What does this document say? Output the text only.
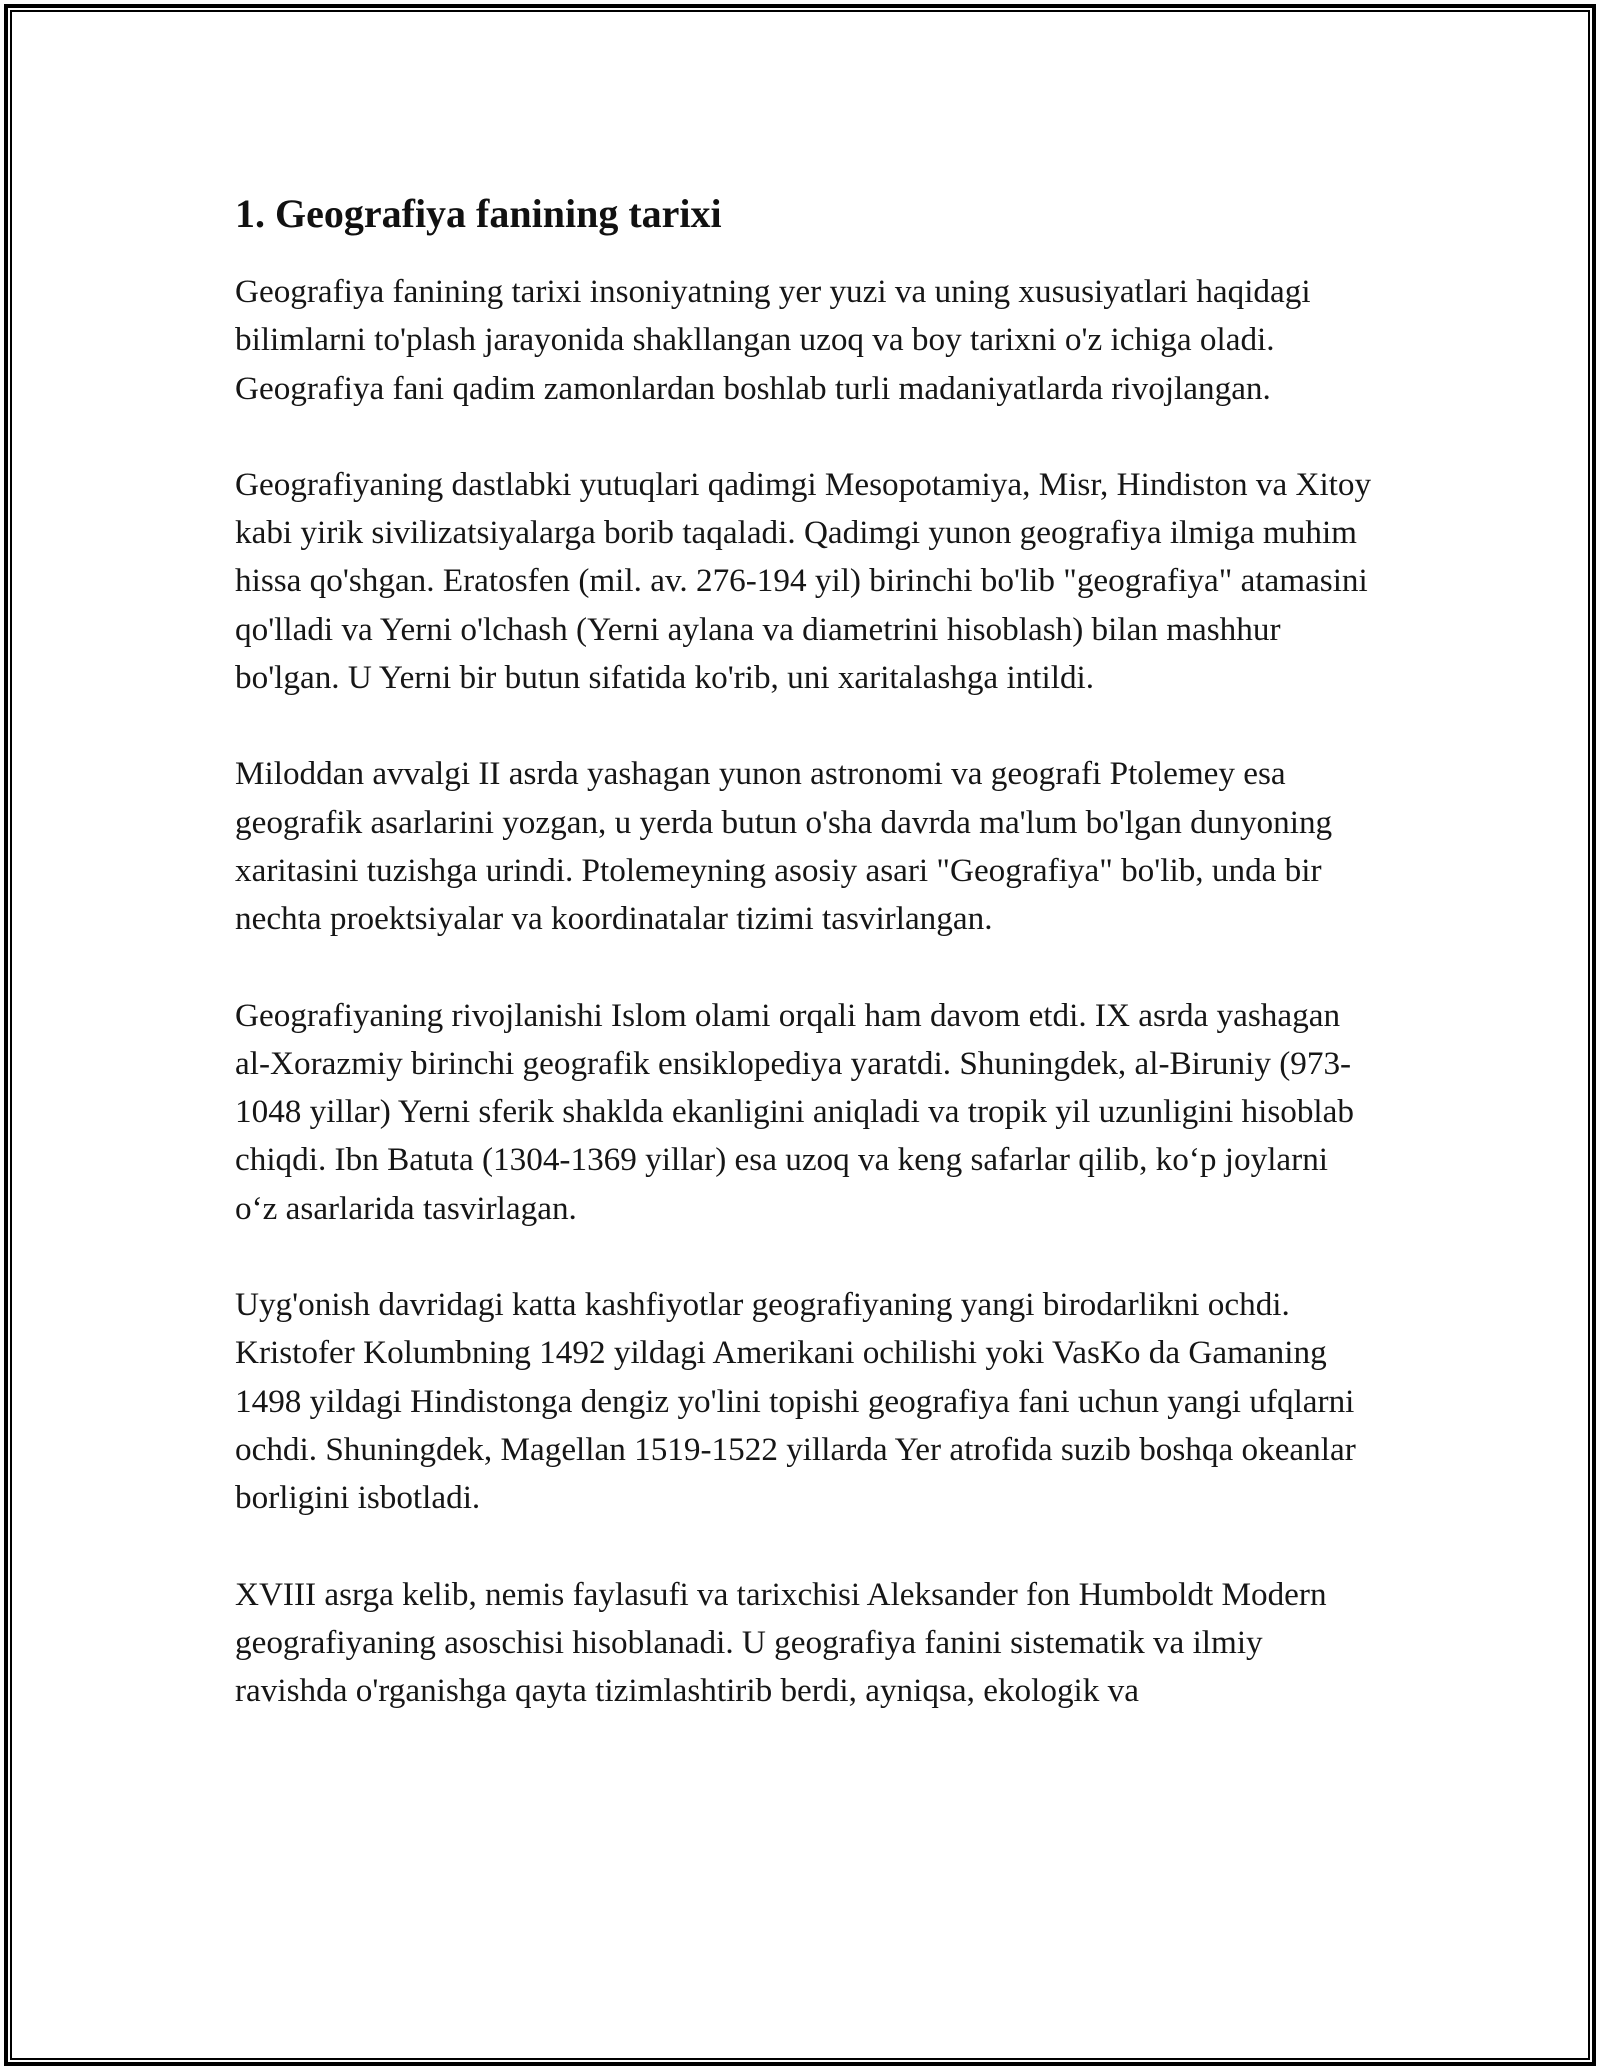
1. Geografiya fanining tarixi

Geografiya fanining tarixi insoniyatning yer yuzi va uning xususiyatlari haqidagi bilimlarni to'plash jarayonida shakllangan uzoq va boy tarixni o'z ichiga oladi. Geografiya fani qadim zamonlardan boshlab turli madaniyatlarda rivojlangan.

Geografiyaning dastlabki yutuqlari qadimgi Mesopotamiya, Misr, Hindiston va Xitoy kabi yirik sivilizatsiyalarga borib taqaladi. Qadimgi yunon geografiya ilmiga muhim hissa qo'shgan. Eratosfen (mil. av. 276-194 yil) birinchi bo'lib "geografiya" atamasini qo'lladi va Yerni o'lchash (Yerni aylana va diametrini hisoblash) bilan mashhur bo'lgan. U Yerni bir butun sifatida ko'rib, uni xaritalashga intildi.

Miloddan avvalgi II asrda yashagan yunon astronomi va geografi Ptolemey esa geografik asarlarini yozgan, u yerda butun o'sha davrda ma'lum bo'lgan dunyoning xaritasini tuzishga urindi. Ptolemeyning asosiy asari "Geografiya" bo'lib, unda bir nechta proektsiyalar va koordinatalar tizimi tasvirlangan.

Geografiyaning rivojlanishi Islom olami orqali ham davom etdi. IX asrda yashagan al-Xorazmiy birinchi geografik ensiklopediya yaratdi. Shuningdek, al-Biruniy (973-1048 yillar) Yerni sferik shaklda ekanligini aniqladi va tropik yil uzunligini hisoblab chiqdi. Ibn Batuta (1304-1369 yillar) esa uzoq va keng safarlar qilib, ko‘p joylarni o‘z asarlarida tasvirlagan.

Uyg'onish davridagi katta kashfiyotlar geografiyaning yangi birodarlikni ochdi. Kristofer Kolumbning 1492 yildagi Amerikani ochilishi yoki VasKo da Gamaning 1498 yildagi Hindistonga dengiz yo'lini topishi geografiya fani uchun yangi ufqlarni ochdi. Shuningdek, Magellan 1519-1522 yillarda Yer atrofida suzib boshqa okeanlar borligini isbotladi.

XVIII asrga kelib, nemis faylasufi va tarixchisi Aleksander fon Humboldt Modern geografiyaning asoschisi hisoblanadi. U geografiya fanini sistematik va ilmiy ravishda o'rganishga qayta tizimlashtirib berdi, ayniqsa, ekologik va
